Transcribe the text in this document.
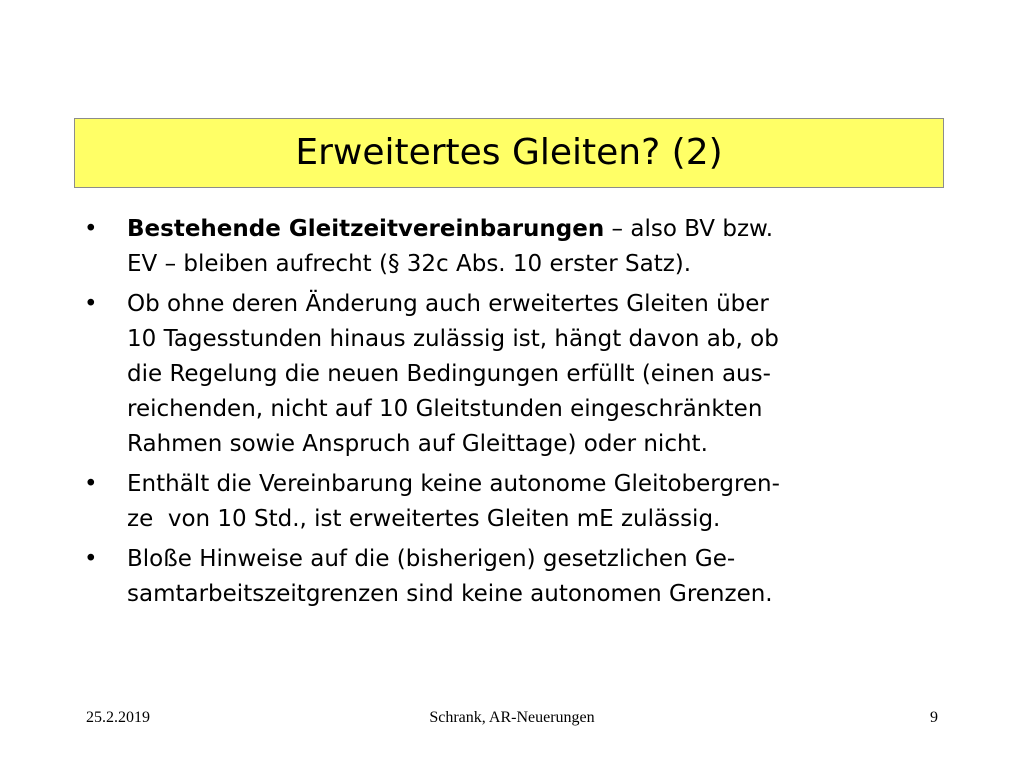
Erweitertes Gleiten? (2)
• Bestehende Gleitzeitvereinbarungen – also BV bzw.
EV – bleiben aufrecht (§ 32c Abs. 10 erster Satz).
• Ob ohne deren Änderung auch erweitertes Gleiten über
10 Tagesstunden hinaus zulässig ist, hängt davon ab, ob
die Regelung die neuen Bedingungen erfüllt (einen aus-
reichenden, nicht auf 10 Gleitstunden eingeschränkten
Rahmen sowie Anspruch auf Gleittage) oder nicht.
• Enthält die Vereinbarung keine autonome Gleitobergren-
ze  von 10 Std., ist erweitertes Gleiten mE zulässig.
• Bloße Hinweise auf die (bisherigen) gesetzlichen Ge-
samtarbeitszeitgrenzen sind keine autonomen Grenzen.
25.2.2019	Schrank, AR-Neuerungen	9
